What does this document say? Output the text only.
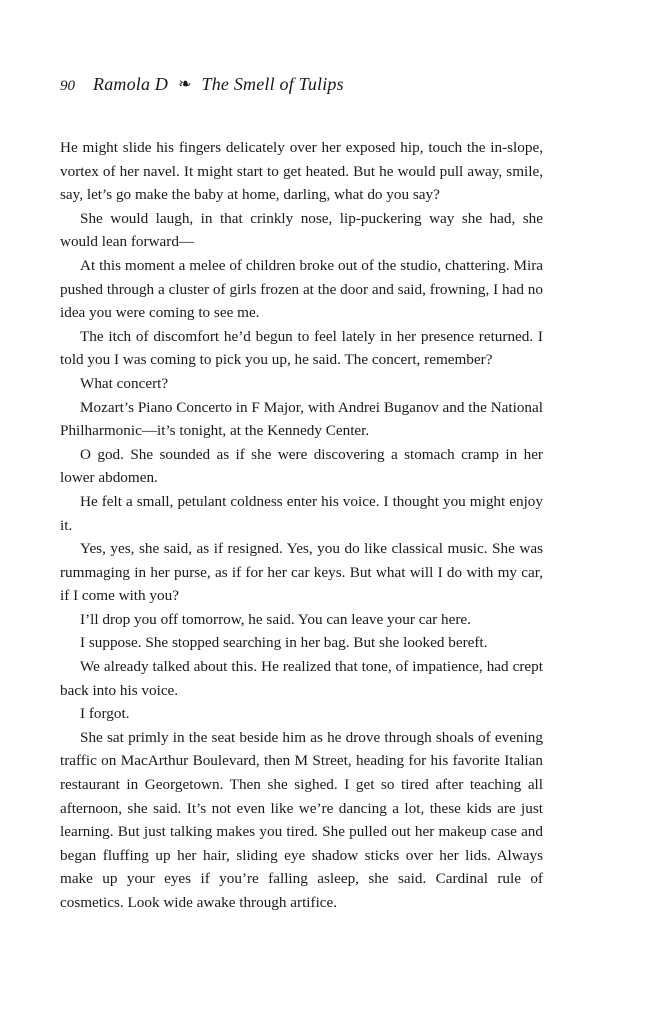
90 Ramola D ❧ The Smell of Tulips

He might slide his fingers delicately over her exposed hip, touch the in-slope, vortex of her navel. It might start to get heated. But he would pull away, smile, say, let’s go make the baby at home, darling, what do you say?

She would laugh, in that crinkly nose, lip-puckering way she had, she would lean forward—

At this moment a melee of children broke out of the studio, chattering. Mira pushed through a cluster of girls frozen at the door and said, frowning, I had no idea you were coming to see me.

The itch of discomfort he’d begun to feel lately in her presence returned. I told you I was coming to pick you up, he said. The concert, remember?

What concert?

Mozart’s Piano Concerto in F Major, with Andrei Buganov and the National Philharmonic—it’s tonight, at the Kennedy Center.

O god. She sounded as if she were discovering a stomach cramp in her lower abdomen.

He felt a small, petulant coldness enter his voice. I thought you might enjoy it.

Yes, yes, she said, as if resigned. Yes, you do like classical music. She was rummaging in her purse, as if for her car keys. But what will I do with my car, if I come with you?

I’ll drop you off tomorrow, he said. You can leave your car here.

I suppose. She stopped searching in her bag. But she looked bereft.

We already talked about this. He realized that tone, of impatience, had crept back into his voice.

I forgot.

She sat primly in the seat beside him as he drove through shoals of evening traffic on MacArthur Boulevard, then M Street, heading for his favorite Italian restaurant in Georgetown. Then she sighed. I get so tired after teaching all afternoon, she said. It’s not even like we’re dancing a lot, these kids are just learning. But just talking makes you tired. She pulled out her makeup case and began fluffing up her hair, sliding eye shadow sticks over her lids. Always make up your eyes if you’re falling asleep, she said. Cardinal rule of cosmetics. Look wide awake through artifice.
